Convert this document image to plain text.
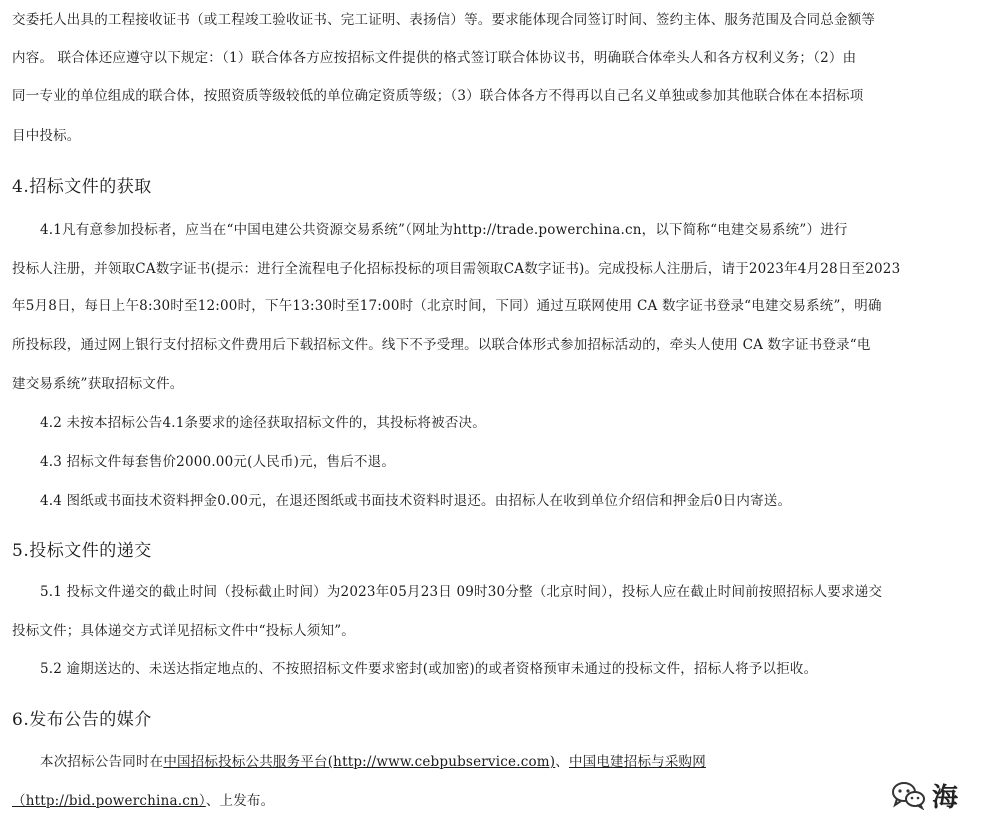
交委托人出具的工程接收证书（或工程竣工验收证书、完工证明、表扬信）等。要求能体现合同签订时间、签约主体、服务范围及合同总金额等
内容。 联合体还应遵守以下规定：（1）联合体各方应按招标文件提供的格式签订联合体协议书，明确联合体牵头人和各方权利义务；（2）由
同一专业的单位组成的联合体，按照资质等级较低的单位确定资质等级；（3）联合体各方不得再以自己名义单独或参加其他联合体在本招标项
目中投标。
4.招标文件的获取
4.1凡有意参加投标者，应当在“中国电建公共资源交易系统”（网址为http://trade.powerchina.cn，以下简称“电建交易系统”）进行
投标人注册，并领取CA数字证书(提示：进行全流程电子化招标投标的项目需领取CA数字证书)。完成投标人注册后，请于2023年4月28日至2023
年5月8日，每日上午8:30时至12:00时，下午13:30时至17:00时（北京时间，下同）通过互联网使用 CA 数字证书登录“电建交易系统”，明确
所投标段，通过网上银行支付招标文件费用后下载招标文件。线下不予受理。以联合体形式参加招标活动的，牵头人使用 CA 数字证书登录“电
建交易系统”获取招标文件。
4.2 未按本招标公告4.1条要求的途径获取招标文件的，其投标将被否决。
4.3 招标文件每套售价2000.00元(人民币)元，售后不退。
4.4 图纸或书面技术资料押金0.00元，在退还图纸或书面技术资料时退还。由招标人在收到单位介绍信和押金后0日内寄送。
5.投标文件的递交
5.1 投标文件递交的截止时间（投标截止时间）为2023年05月23日 09时30分整（北京时间），投标人应在截止时间前按照招标人要求递交
投标文件；具体递交方式详见招标文件中“投标人须知”。
5.2 逾期送达的、未送达指定地点的、不按照招标文件要求密封(或加密)的或者资格预审未通过的投标文件，招标人将予以拒收。
6.发布公告的媒介
本次招标公告同时在中国招标投标公共服务平台(http://www.cebpubservice.com)、中国电建招标与采购网
（http://bid.powerchina.cn）、上发布。	海
